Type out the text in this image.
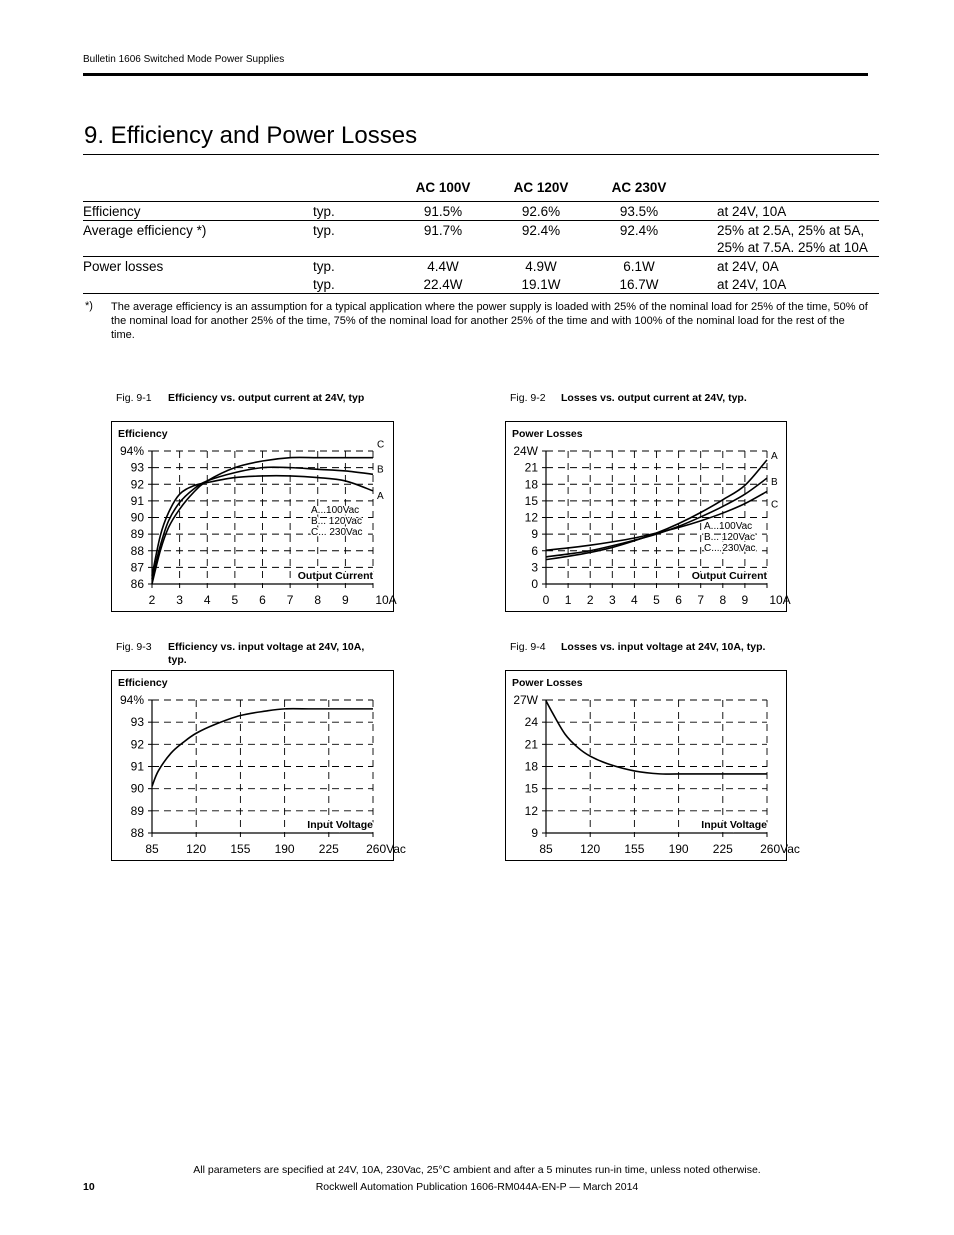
Bulletin 1606 Switched Mode Power Supplies
9. Efficiency and Power Losses
		AC 100V	AC 120V	AC 230V	
Efficiency	typ.	91.5%	92.6%	93.5%	at 24V, 10A
Average efficiency *)	typ.	91.7%	92.4%	92.4%	25% at 2.5A, 25% at 5A, 25% at 7.5A. 25% at 10A
Power losses	typ.	4.4W	4.9W	6.1W	at 24V, 0A
	typ.	22.4W	19.1W	16.7W	at 24V, 10A
*) The average efficiency is an assumption for a typical application where the power supply is loaded with 25% of the nominal load for 25% of the time, 50% of the nominal load for another 25% of the time, 75% of the nominal load for another 25% of the time and with 100% of the nominal load for the rest of the time.
Fig. 9-1 Efficiency vs. output current at 24V, typ	Fig. 9-2 Losses vs. output current at 24V, typ.
Fig. 9-3 Efficiency vs. input voltage at 24V, 10A, typ.
Fig. 9-4 Losses vs. input voltage at 24V, 10A, typ.
Efficiency
2 3 4 5 6 7 8 9 10A
86
87
88
89
90
91
92
93
94%
Output Current
A...100Vac
B... 120Vac
C... 230Vac
A
B
C
Power Losses
0 1 2 3 4 5 6 7 8 9 10A
0
3
6
9
12
15
18
21
24W
Output Current
A...100Vac
B... 120Vac
C... 230Vac
A
B
C
Efficiency
85 120 155 190 225 260Vac
88
89
90
91
92
93
94%
Input Voltage
Power Losses
85 120 155 190 225 260Vac
9
12
15
18
21
24
27W
Input Voltage
All parameters are specified at 24V, 10A, 230Vac, 25°C ambient and after a 5 minutes run-in time, unless noted otherwise.
10	Rockwell Automation Publication 1606-RM044A-EN-P — March 2014
